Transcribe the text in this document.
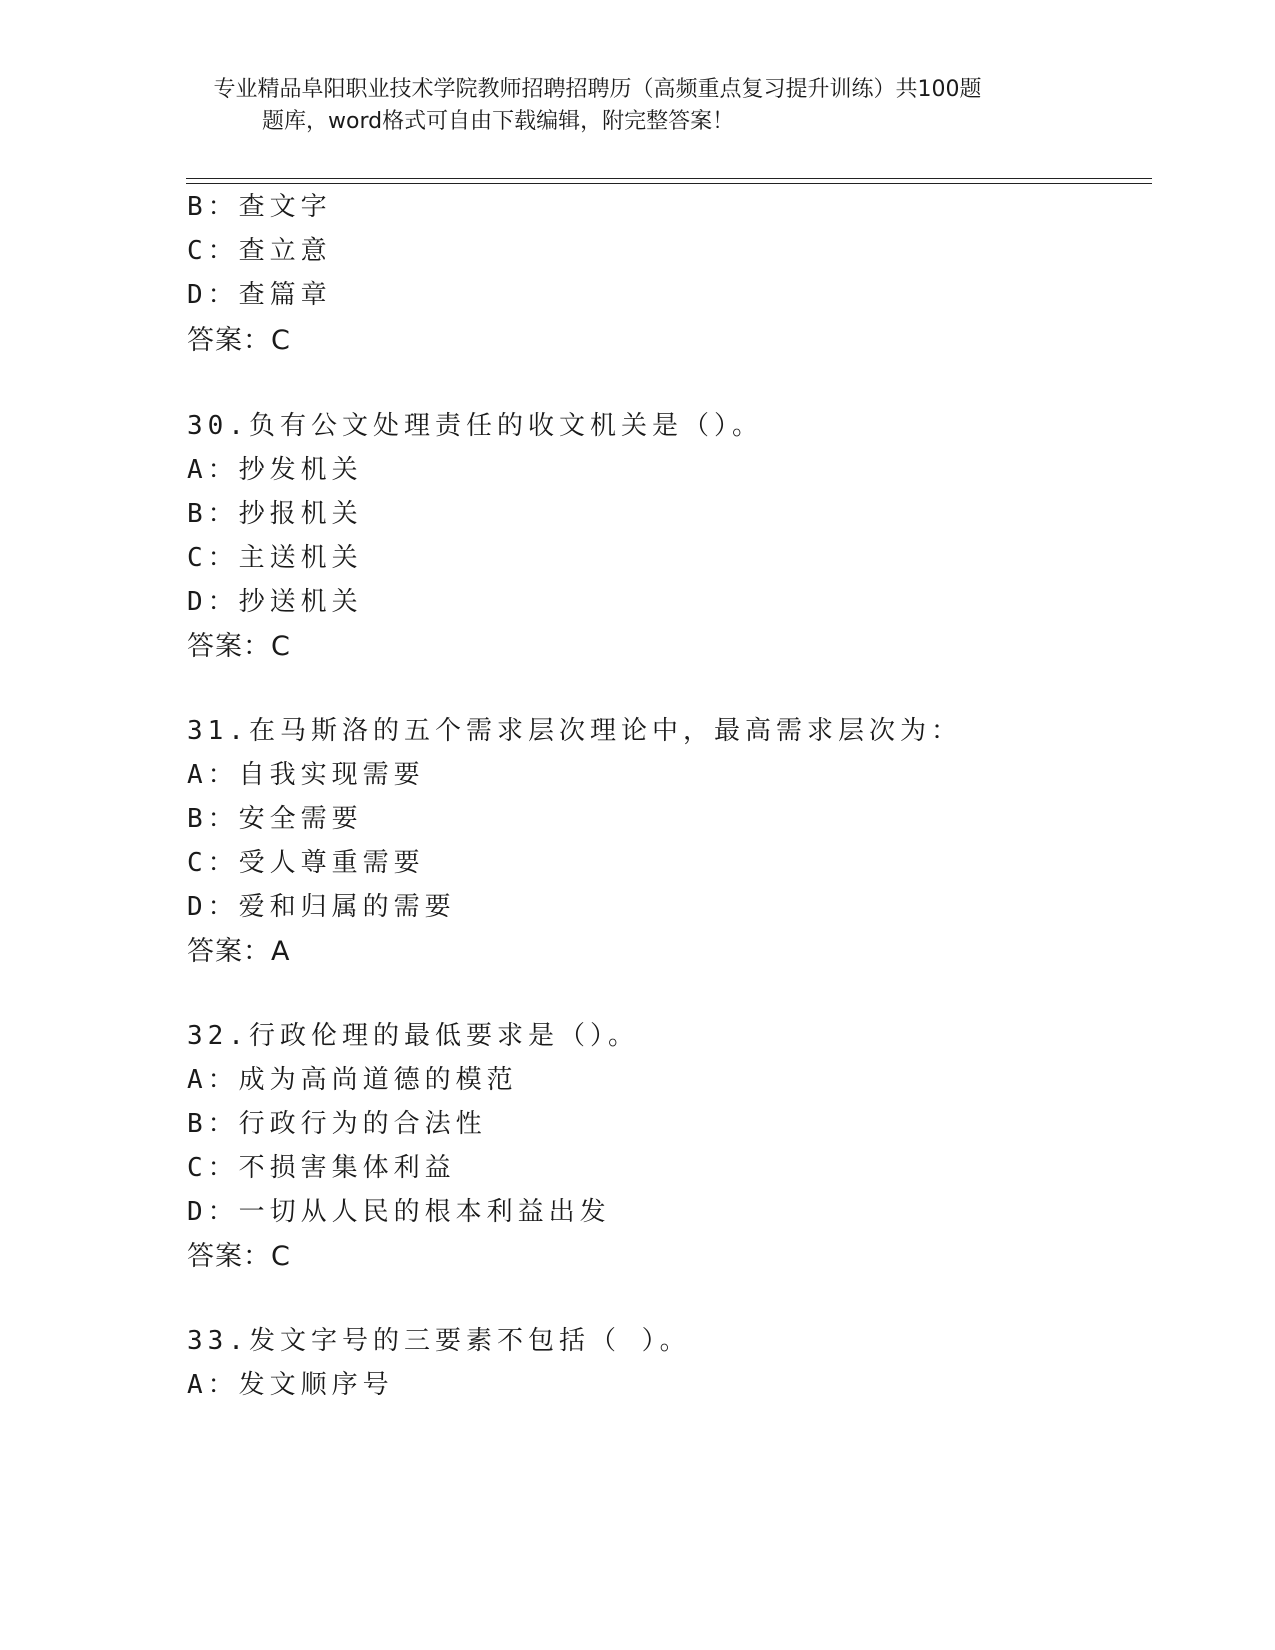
专业精品阜阳职业技术学院教师招聘招聘历（高频重点复习提升训练）共100题
题库，word格式可自由下载编辑，附完整答案！
B：查文字
C：查立意
D：查篇章
答案：C
30.负有公文处理责任的收文机关是（）。
A：抄发机关
B：抄报机关
C：主送机关
D：抄送机关
答案：C
31.在马斯洛的五个需求层次理论中，最高需求层次为：
A：自我实现需要
B：安全需要
C：受人尊重需要
D：爱和归属的需要
答案：A
32.行政伦理的最低要求是（）。
A：成为高尚道德的模范
B：行政行为的合法性
C：不损害集体利益
D：一切从人民的根本利益出发
答案：C
33.发文字号的三要素不包括（ ）。
A：发文顺序号
